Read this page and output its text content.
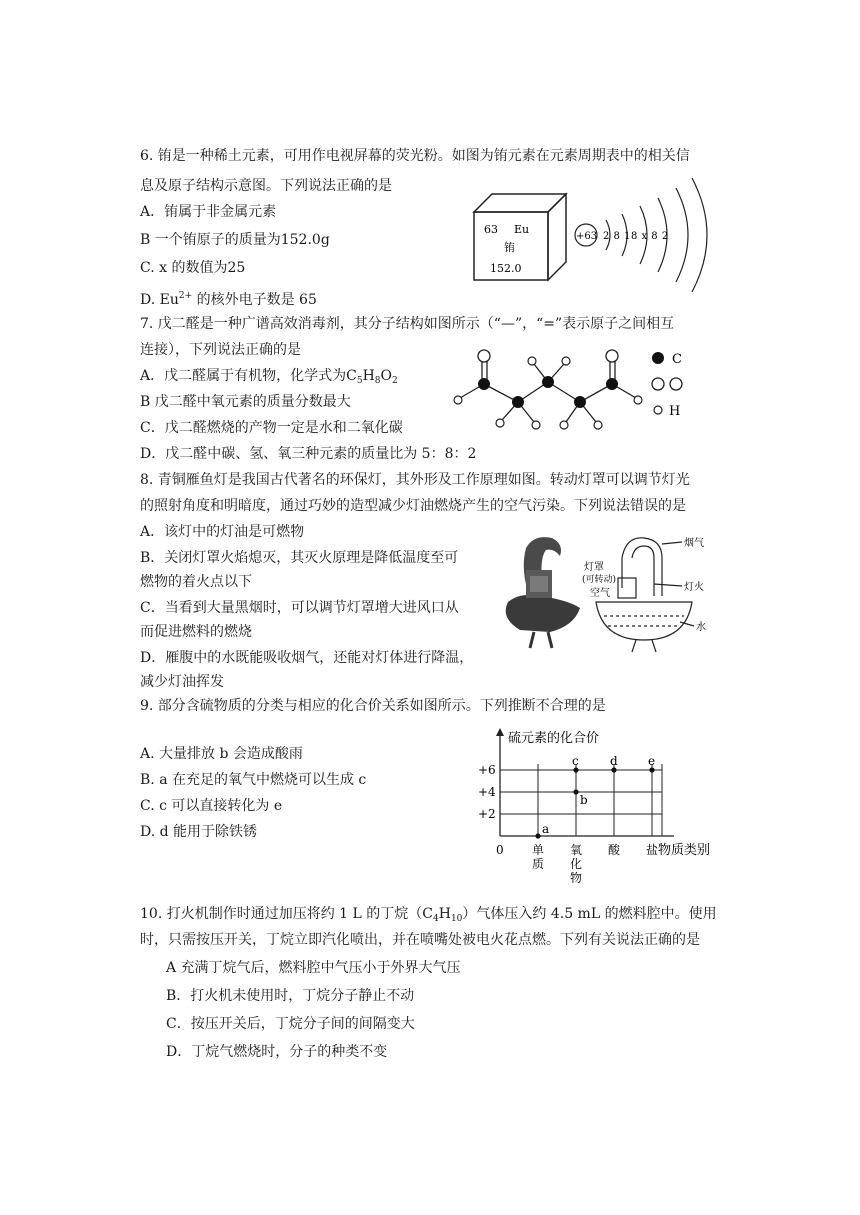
6. 铕是一种稀土元素，可用作电视屏幕的荧光粉。如图为铕元素在元素周期表中的相关信
息及原子结构示意图。下列说法正确的是
A．铕属于非金属元素
B 一个铕原子的质量为152.0g
C. x 的数值为25
D. $Eu^{2+}$ 的核外电子数是 65
63 Eu
铕
152.0
+63 2 8 18 x 8 2
7. 戊二醛是一种广谱高效消毒剂，其分子结构如图所示（“—”，“=”表示原子之间相互
连接），下列说法正确的是
A．戊二醛属于有机物，化学式为$C_5H_8O_2$
B 戊二醛中氧元素的质量分数最大
C．戊二醛燃烧的产物一定是水和二氧化碳
D．戊二醛中碳、氢、氧三种元素的质量比为 5：8：2
C
O
H
8. 青铜雁鱼灯是我国古代著名的环保灯，其外形及工作原理如图。转动灯罩可以调节灯光
的照射角度和明暗度，通过巧妙的造型减少灯油燃烧产生的空气污染。下列说法错误的是
A．该灯中的灯油是可燃物
B．关闭灯罩火焰熄灭，其灭火原理是降低温度至可
燃物的着火点以下
C．当看到大量黑烟时，可以调节灯罩增大进风口从
而促进燃料的燃烧
D．雁腹中的水既能吸收烟气，还能对灯体进行降温，
减少灯油挥发
烟气
灯火
水
灯罩
(可转动)
空气
9. 部分含硫物质的分类与相应的化合价关系如图所示。下列推断不合理的是
A. 大量排放 b 会造成酸雨
B. a 在充足的氧气中燃烧可以生成 c
C. c 可以直接转化为 e
D. d 能用于除铁锈
+2
+4
+6
单
质
氧
化
物
酸 盐
0
硫元素的化合价
物质类别
a
b
c	d	e
10. 打火机制作时通过加压将约 1 L 的丁烷$(C_4H_{10})$气体压入约 4.5 mL 的燃料腔中。使用
时，只需按压开关，丁烷立即汽化喷出，并在喷嘴处被电火花点燃。下列有关说法正确的是
A 充满丁烷气后，燃料腔中气压小于外界大气压
B．打火机未使用时，丁烷分子静止不动
C．按压开关后，丁烷分子间的间隔变大
D．丁烷气燃烧时，分子的种类不变
